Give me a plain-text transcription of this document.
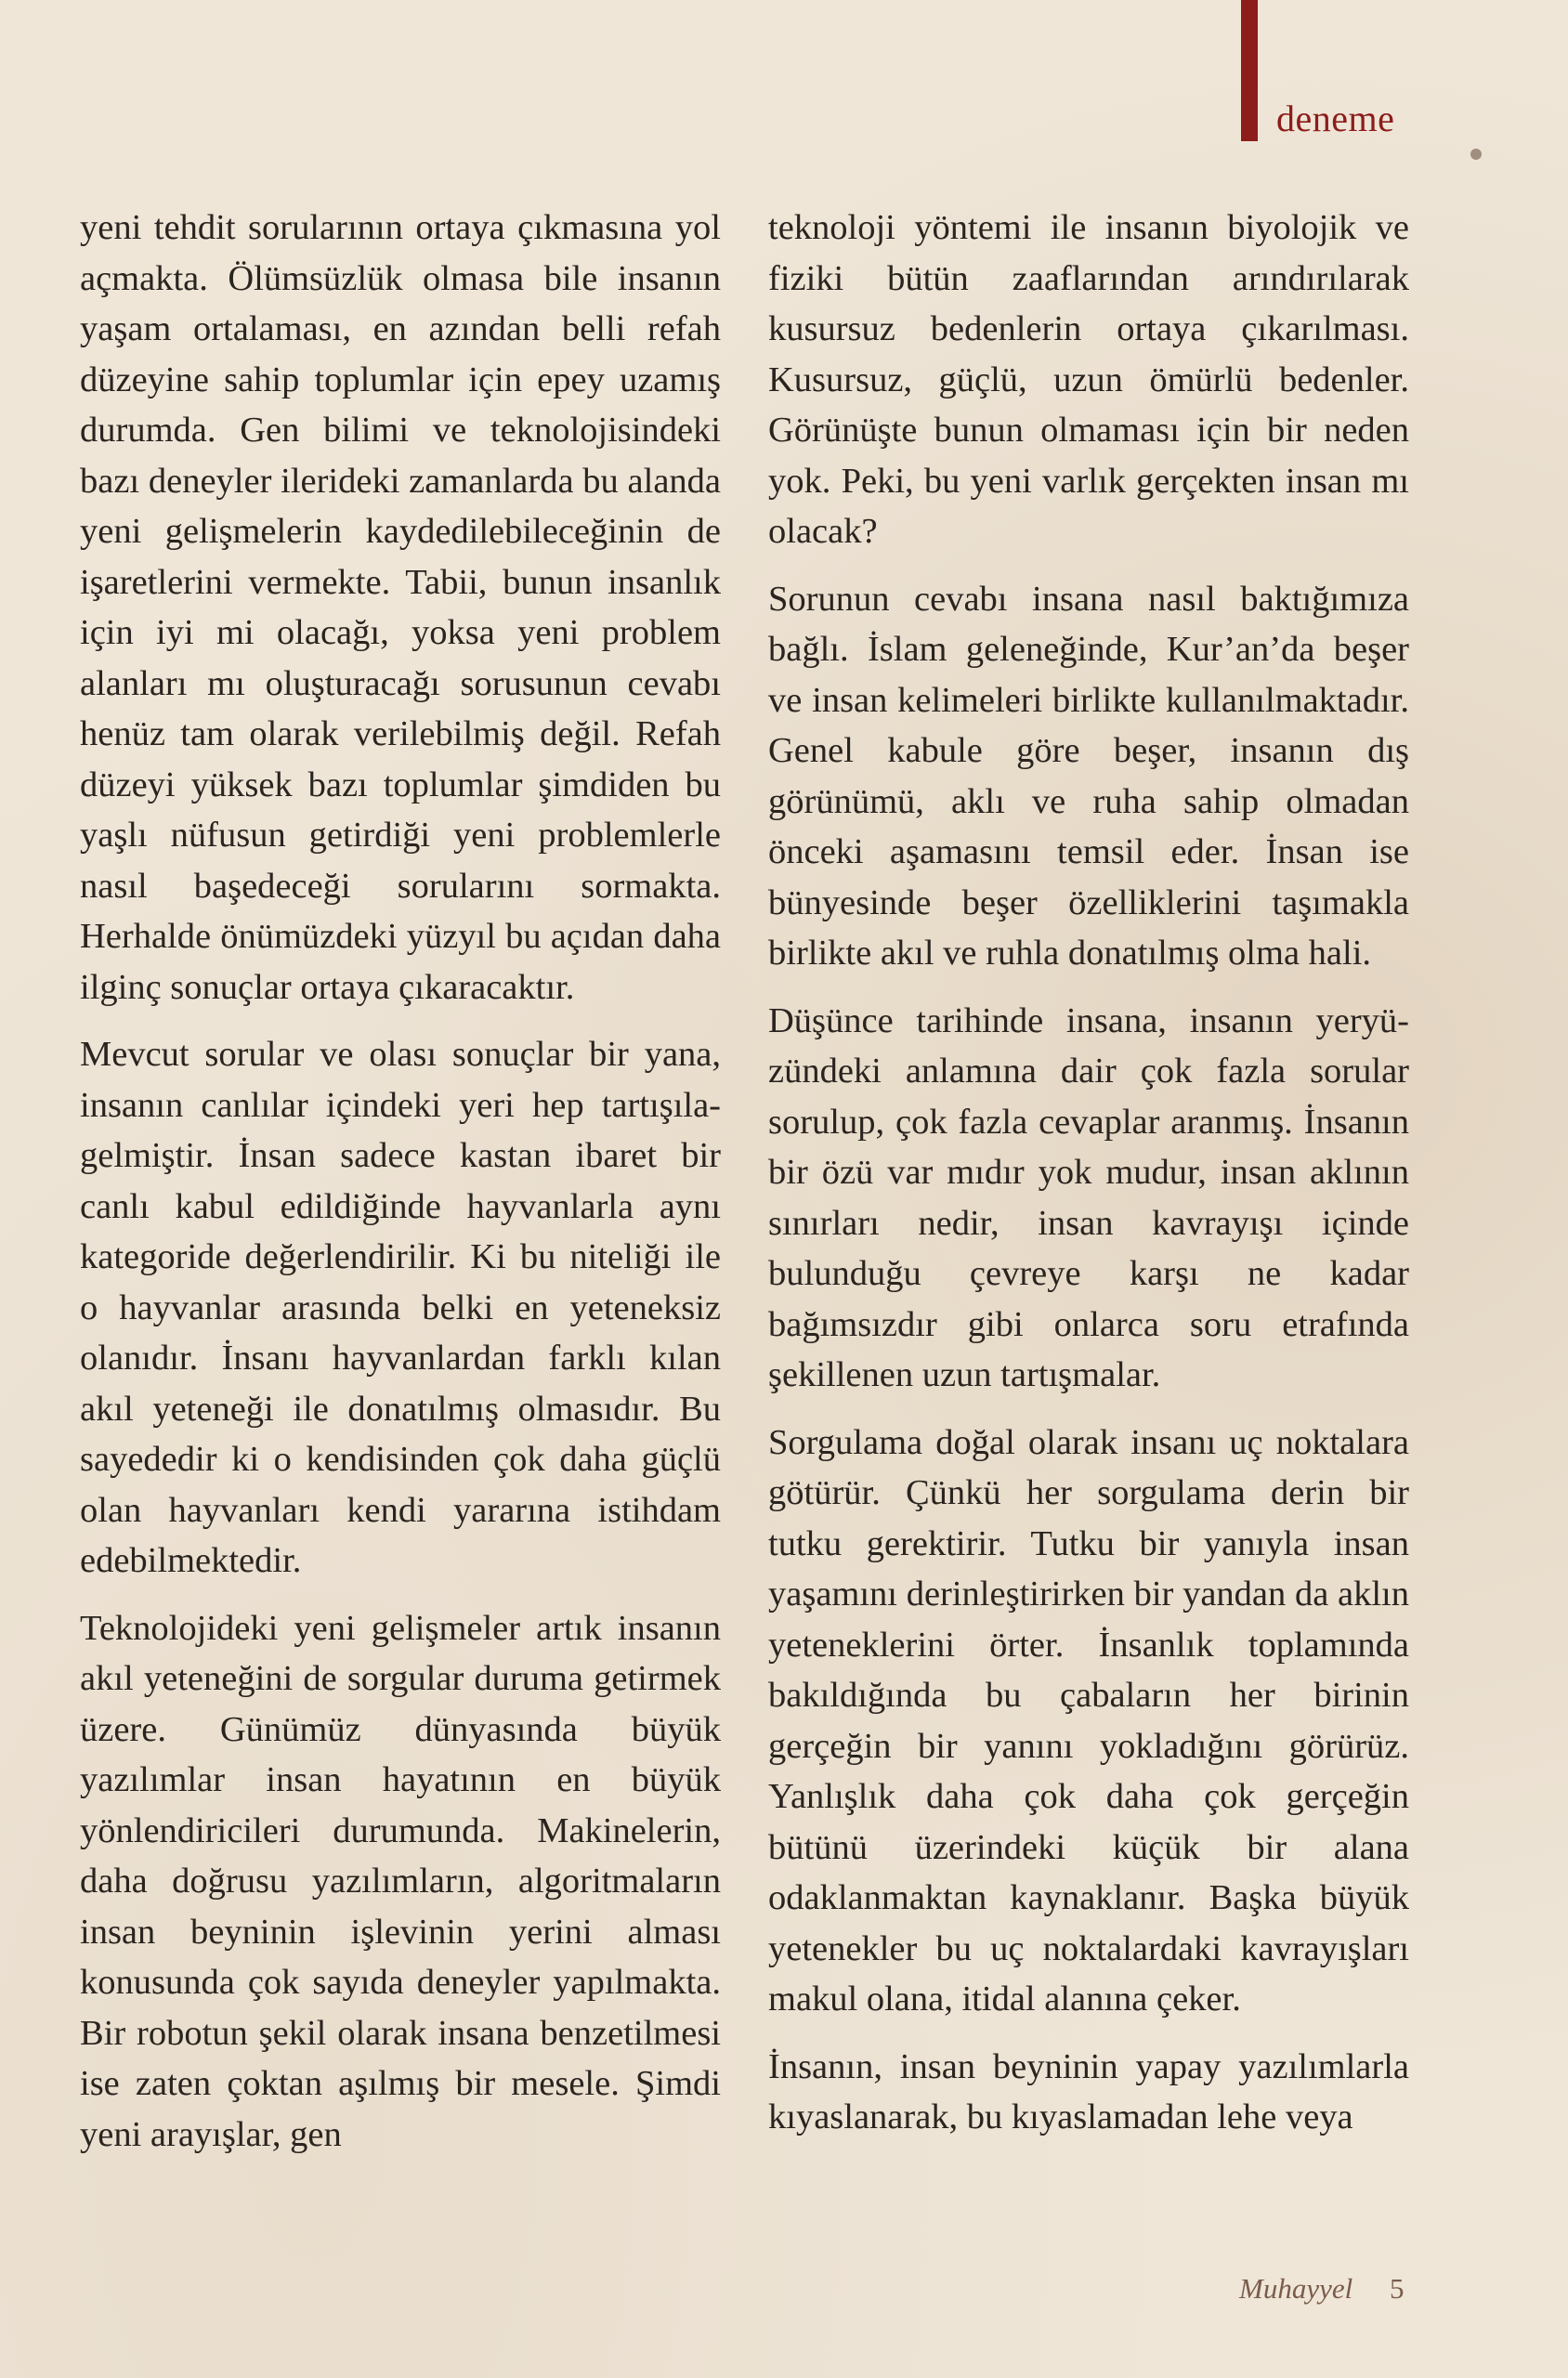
deneme

yeni tehdit sorularının ortaya çıkmasına yol açmakta. Ölümsüzlük olmasa bile insanın yaşam ortalaması, en azından belli refah düzeyine sahip toplumlar için epey uzamış durumda. Gen bilimi ve teknolojisindeki bazı deneyler ilerideki zamanlarda bu alanda yeni gelişmelerin kaydedilebileceğinin de işaretlerini vermekte. Tabii, bunun insanlık için iyi mi olacağı, yoksa yeni problem alanları mı oluşturacağı sorusunun cevabı henüz tam olarak verilebilmiş değil. Refah düzeyi yüksek bazı toplumlar şimdiden bu yaşlı nüfusun getirdiği yeni problemlerle nasıl başedeceği sorularını sormakta. Herhalde önümüzdeki yüzyıl bu açıdan daha ilginç sonuçlar ortaya çıkaracaktır.

Mevcut sorular ve olası sonuçlar bir yana, insanın canlılar içindeki yeri hep tartışılagelmiştir. İnsan sadece kastan ibaret bir canlı kabul edildiğinde hayvanlarla aynı kategoride değerlendirilir. Ki bu niteliği ile o hayvanlar arasında belki en yeteneksiz olanıdır. İnsanı hayvanlardan farklı kılan akıl yeteneği ile donatılmış olmasıdır. Bu sayededir ki o kendisinden çok daha güçlü olan hayvanları kendi yararına istihdam edebilmektedir.

Teknolojideki yeni gelişmeler artık insanın akıl yeteneğini de sorgular duruma getirmek üzere. Günümüz dünyasında büyük yazılımlar insan hayatının en büyük yönlendiricileri durumunda. Makinelerin, daha doğrusu yazılımların, algoritmaların insan beyninin işlevinin yerini alması konusunda çok sayıda deneyler yapılmakta. Bir robotun şekil olarak insana benzetilmesi ise zaten çoktan aşılmış bir mesele. Şimdi yeni arayışlar, gen

teknoloji yöntemi ile insanın biyolojik ve fiziki bütün zaaflarından arındırılarak kusursuz bedenlerin ortaya çıkarılması. Kusursuz, güçlü, uzun ömürlü bedenler. Görünüşte bunun olmaması için bir neden yok. Peki, bu yeni varlık gerçekten insan mı olacak?

Sorunun cevabı insana nasıl baktığımıza bağlı. İslam geleneğinde, Kur’an’da beşer ve insan kelimeleri birlikte kullanılmaktadır. Genel kabule göre beşer, insanın dış görünümü, aklı ve ruha sahip olmadan önceki aşamasını temsil eder. İnsan ise bünyesinde beşer özelliklerini taşımakla birlikte akıl ve ruhla donatılmış olma hali.

Düşünce tarihinde insana, insanın yeryüzündeki anlamına dair çok fazla sorular sorulup, çok fazla cevaplar aranmış. İnsanın bir özü var mıdır yok mudur, insan aklının sınırları nedir, insan kavrayışı içinde bulunduğu çevreye karşı ne kadar bağımsızdır gibi onlarca soru etrafında şekillenen uzun tartışmalar.

Sorgulama doğal olarak insanı uç noktalara götürür. Çünkü her sorgulama derin bir tutku gerektirir. Tutku bir yanıyla insan yaşamını derinleştirirken bir yandan da aklın yeteneklerini örter. İnsanlık toplamında bakıldığında bu çabaların her birinin gerçeğin bir yanını yokladığını görürüz. Yanlışlık daha çok daha çok gerçeğin bütünü üzerindeki küçük bir alana odaklanmaktan kaynaklanır. Başka büyük yetenekler bu uç noktalardaki kavrayışları makul olana, itidal alanına çeker.

İnsanın, insan beyninin yapay yazılımlarla kıyaslanarak, bu kıyaslamadan lehe veya

Muhayyel 5
